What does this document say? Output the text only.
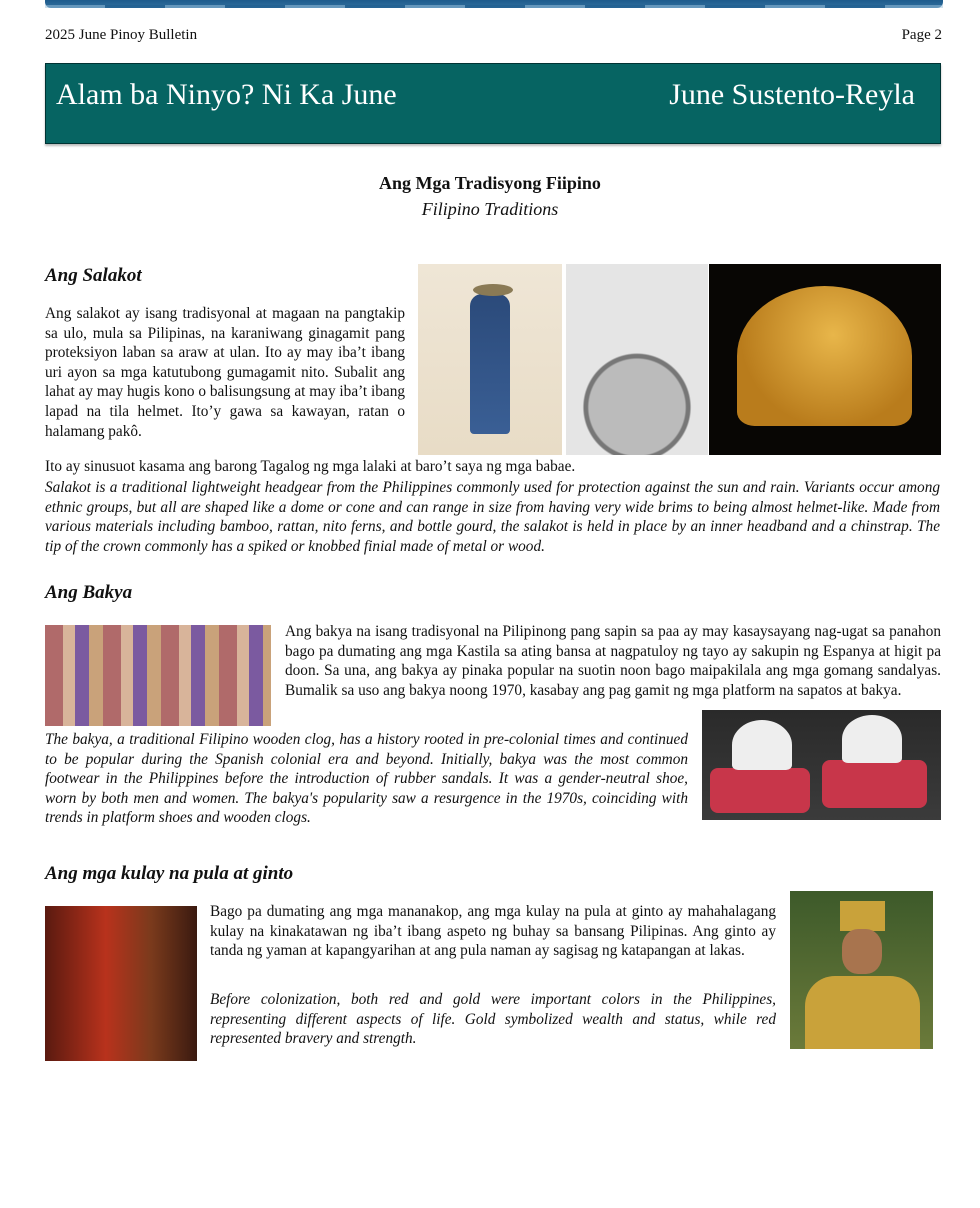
2025 June Pinoy Bulletin	Page 2
Alam ba Ninyo? Ni Ka June	June Sustento-Reyla
Ang Mga Tradisyong Fiipino
Filipino Traditions
Ang Salakot

Ang salakot ay isang tradisyonal at magaan na pangtakip sa ulo, mula sa Pilipinas, na karaniwang ginagamit pang proteksiyon laban sa araw at ulan. Ito ay may iba’t ibang uri ayon sa mga katutubong gumagamit nito. Subalit ang lahat ay may hugis kono o balisungsung at may iba’t ibang lapad na tila helmet. Ito’y gawa sa kawayan, ratan o halamang pakô.

Ito ay sinusuot kasama ang barong Tagalog ng mga lalaki at baro’t saya ng mga babae.

Salakot is a traditional lightweight headgear from the Philippines commonly used for protection against the sun and rain. Variants occur among ethnic groups, but all are shaped like a dome or cone and can range in size from having very wide brims to being almost helmet-like. Made from various materials including bamboo, rattan, nito ferns, and bottle gourd, the salakot is held in place by an inner headband and a chinstrap. The tip of the crown commonly has a spiked or knobbed finial made of metal or wood.

Ang Bakya

Ang bakya na isang tradisyonal na Pilipinong pang sapin sa paa ay may kasaysayang nag-ugat sa panahon bago pa dumating ang mga Kastila sa ating bansa at nagpatuloy ng tayo ay sakupin ng Espanya at higit pa doon. Sa una, ang bakya ay pinaka popular na suotin noon bago maipakilala ang mga gomang sandalyas. Bumalik sa uso ang bakya noong 1970, kasabay ang pag gamit ng mga platform na sapatos at bakya.

The bakya, a traditional Filipino wooden clog, has a history rooted in pre-colonial times and continued to be popular during the Spanish colonial era and beyond. Initially, bakya was the most common footwear in the Philippines before the introduction of rubber sandals. It was a gender-neutral shoe, worn by both men and women. The bakya's popularity saw a resurgence in the 1970s, coinciding with trends in platform shoes and wooden clogs.

Ang mga kulay na pula at ginto

Bago pa dumating ang mga mananakop, ang mga kulay na pula at ginto ay mahahalagang kulay na kinakatawan ng iba’t ibang aspeto ng buhay sa bansang Pilipinas. Ang ginto ay tanda ng yaman at kapangyarihan at ang pula naman ay sagisag ng katapangan at lakas.

Before colonization, both red and gold were important colors in the Philippines, representing different aspects of life. Gold symbolized wealth and status, while red represented bravery and strength.
